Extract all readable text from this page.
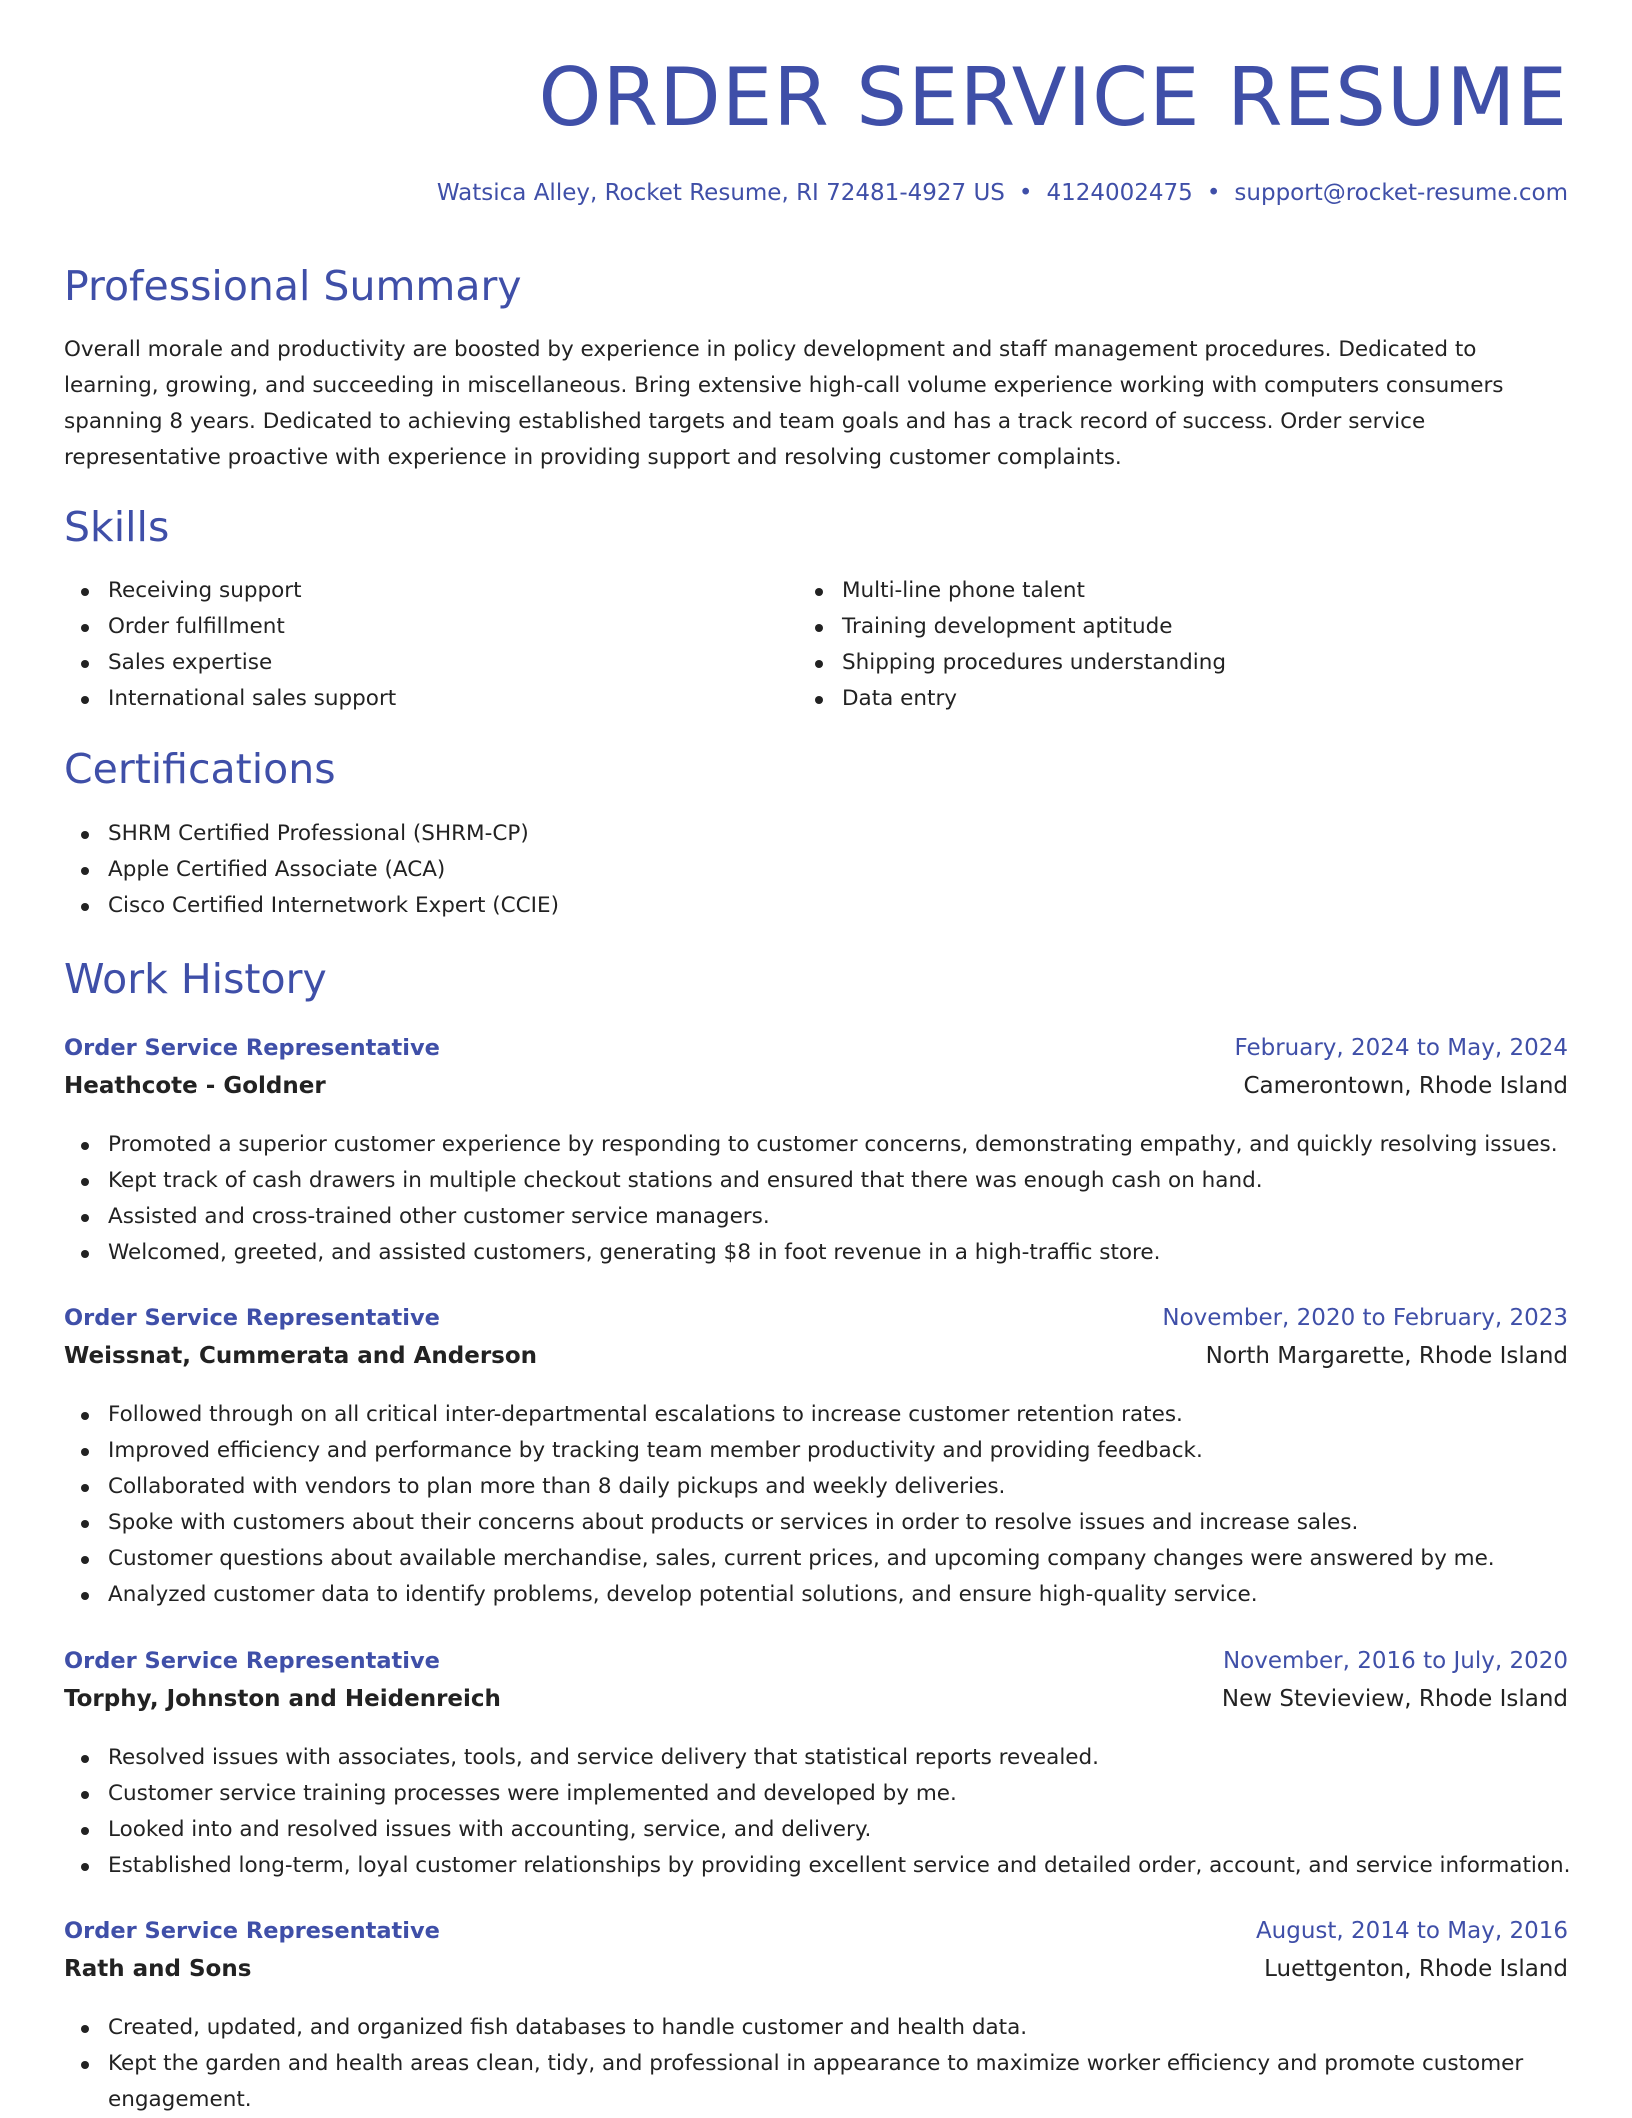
ORDER SERVICE RESUME
Watsica Alley, Rocket Resume, RI 72481-4927 US • 4124002475 • support@rocket-resume.com
Professional Summary

Overall morale and productivity are boosted by experience in policy development and staff management procedures. Dedicated to learning, growing, and succeeding in miscellaneous. Bring extensive high-call volume experience working with computers consumers spanning 8 years. Dedicated to achieving established targets and team goals and has a track record of success. Order service representative proactive with experience in providing support and resolving customer complaints.

Skills
Receiving support
Order fulfillment
Sales expertise
International sales support
Multi-line phone talent
Training development aptitude
Shipping procedures understanding
Data entry
Certifications
SHRM Certified Professional (SHRM-CP)
Apple Certified Associate (ACA)
Cisco Certified Internetwork Expert (CCIE)
Work History
Order Service Representative	February, 2024 to May, 2024
Heathcote - Goldner	Camerontown, Rhode Island
Promoted a superior customer experience by responding to customer concerns, demonstrating empathy, and quickly resolving issues.
Kept track of cash drawers in multiple checkout stations and ensured that there was enough cash on hand.
Assisted and cross-trained other customer service managers.
Welcomed, greeted, and assisted customers, generating $8 in foot revenue in a high-traffic store.
Order Service Representative	November, 2020 to February, 2023
Weissnat, Cummerata and Anderson	North Margarette, Rhode Island
Followed through on all critical inter-departmental escalations to increase customer retention rates.
Improved efficiency and performance by tracking team member productivity and providing feedback.
Collaborated with vendors to plan more than 8 daily pickups and weekly deliveries.
Spoke with customers about their concerns about products or services in order to resolve issues and increase sales.
Customer questions about available merchandise, sales, current prices, and upcoming company changes were answered by me.
Analyzed customer data to identify problems, develop potential solutions, and ensure high-quality service.
Order Service Representative	November, 2016 to July, 2020
Torphy, Johnston and Heidenreich	New Stevieview, Rhode Island
Resolved issues with associates, tools, and service delivery that statistical reports revealed.
Customer service training processes were implemented and developed by me.
Looked into and resolved issues with accounting, service, and delivery.
Established long-term, loyal customer relationships by providing excellent service and detailed order, account, and service information.
Order Service Representative	August, 2014 to May, 2016
Rath and Sons	Luettgenton, Rhode Island
Created, updated, and organized fish databases to handle customer and health data.
Kept the garden and health areas clean, tidy, and professional in appearance to maximize worker efficiency and promote customer engagement.
